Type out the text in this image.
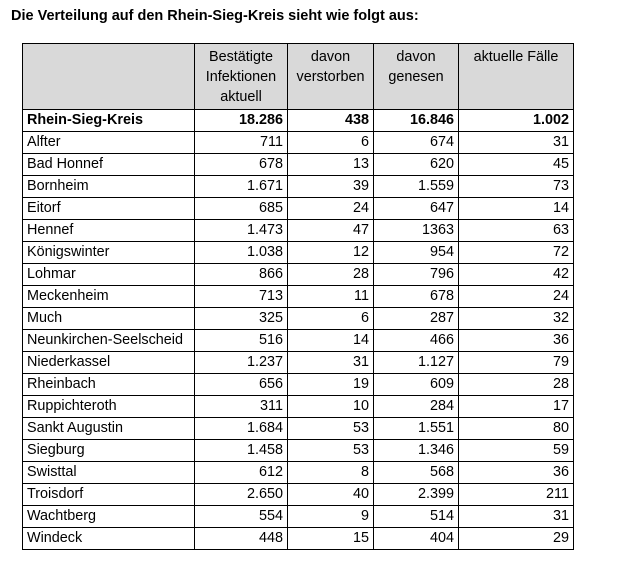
Die Verteilung auf den Rhein-Sieg-Kreis sieht wie folgt aus:
	Bestätigte Infektionen aktuell	davon verstorben	davon genesen	aktuelle Fälle
Rhein-Sieg-Kreis	18.286	438	16.846	1.002
Alfter	711	6	674	31
Bad Honnef	678	13	620	45
Bornheim	1.671	39	1.559	73
Eitorf	685	24	647	14
Hennef	1.473	47	1363	63
Königswinter	1.038	12	954	72
Lohmar	866	28	796	42
Meckenheim	713	11	678	24
Much	325	6	287	32
Neunkirchen-Seelscheid	516	14	466	36
Niederkassel	1.237	31	1.127	79
Rheinbach	656	19	609	28
Ruppichteroth	311	10	284	17
Sankt Augustin	1.684	53	1.551	80
Siegburg	1.458	53	1.346	59
Swisttal	612	8	568	36
Troisdorf	2.650	40	2.399	211
Wachtberg	554	9	514	31
Windeck	448	15	404	29
